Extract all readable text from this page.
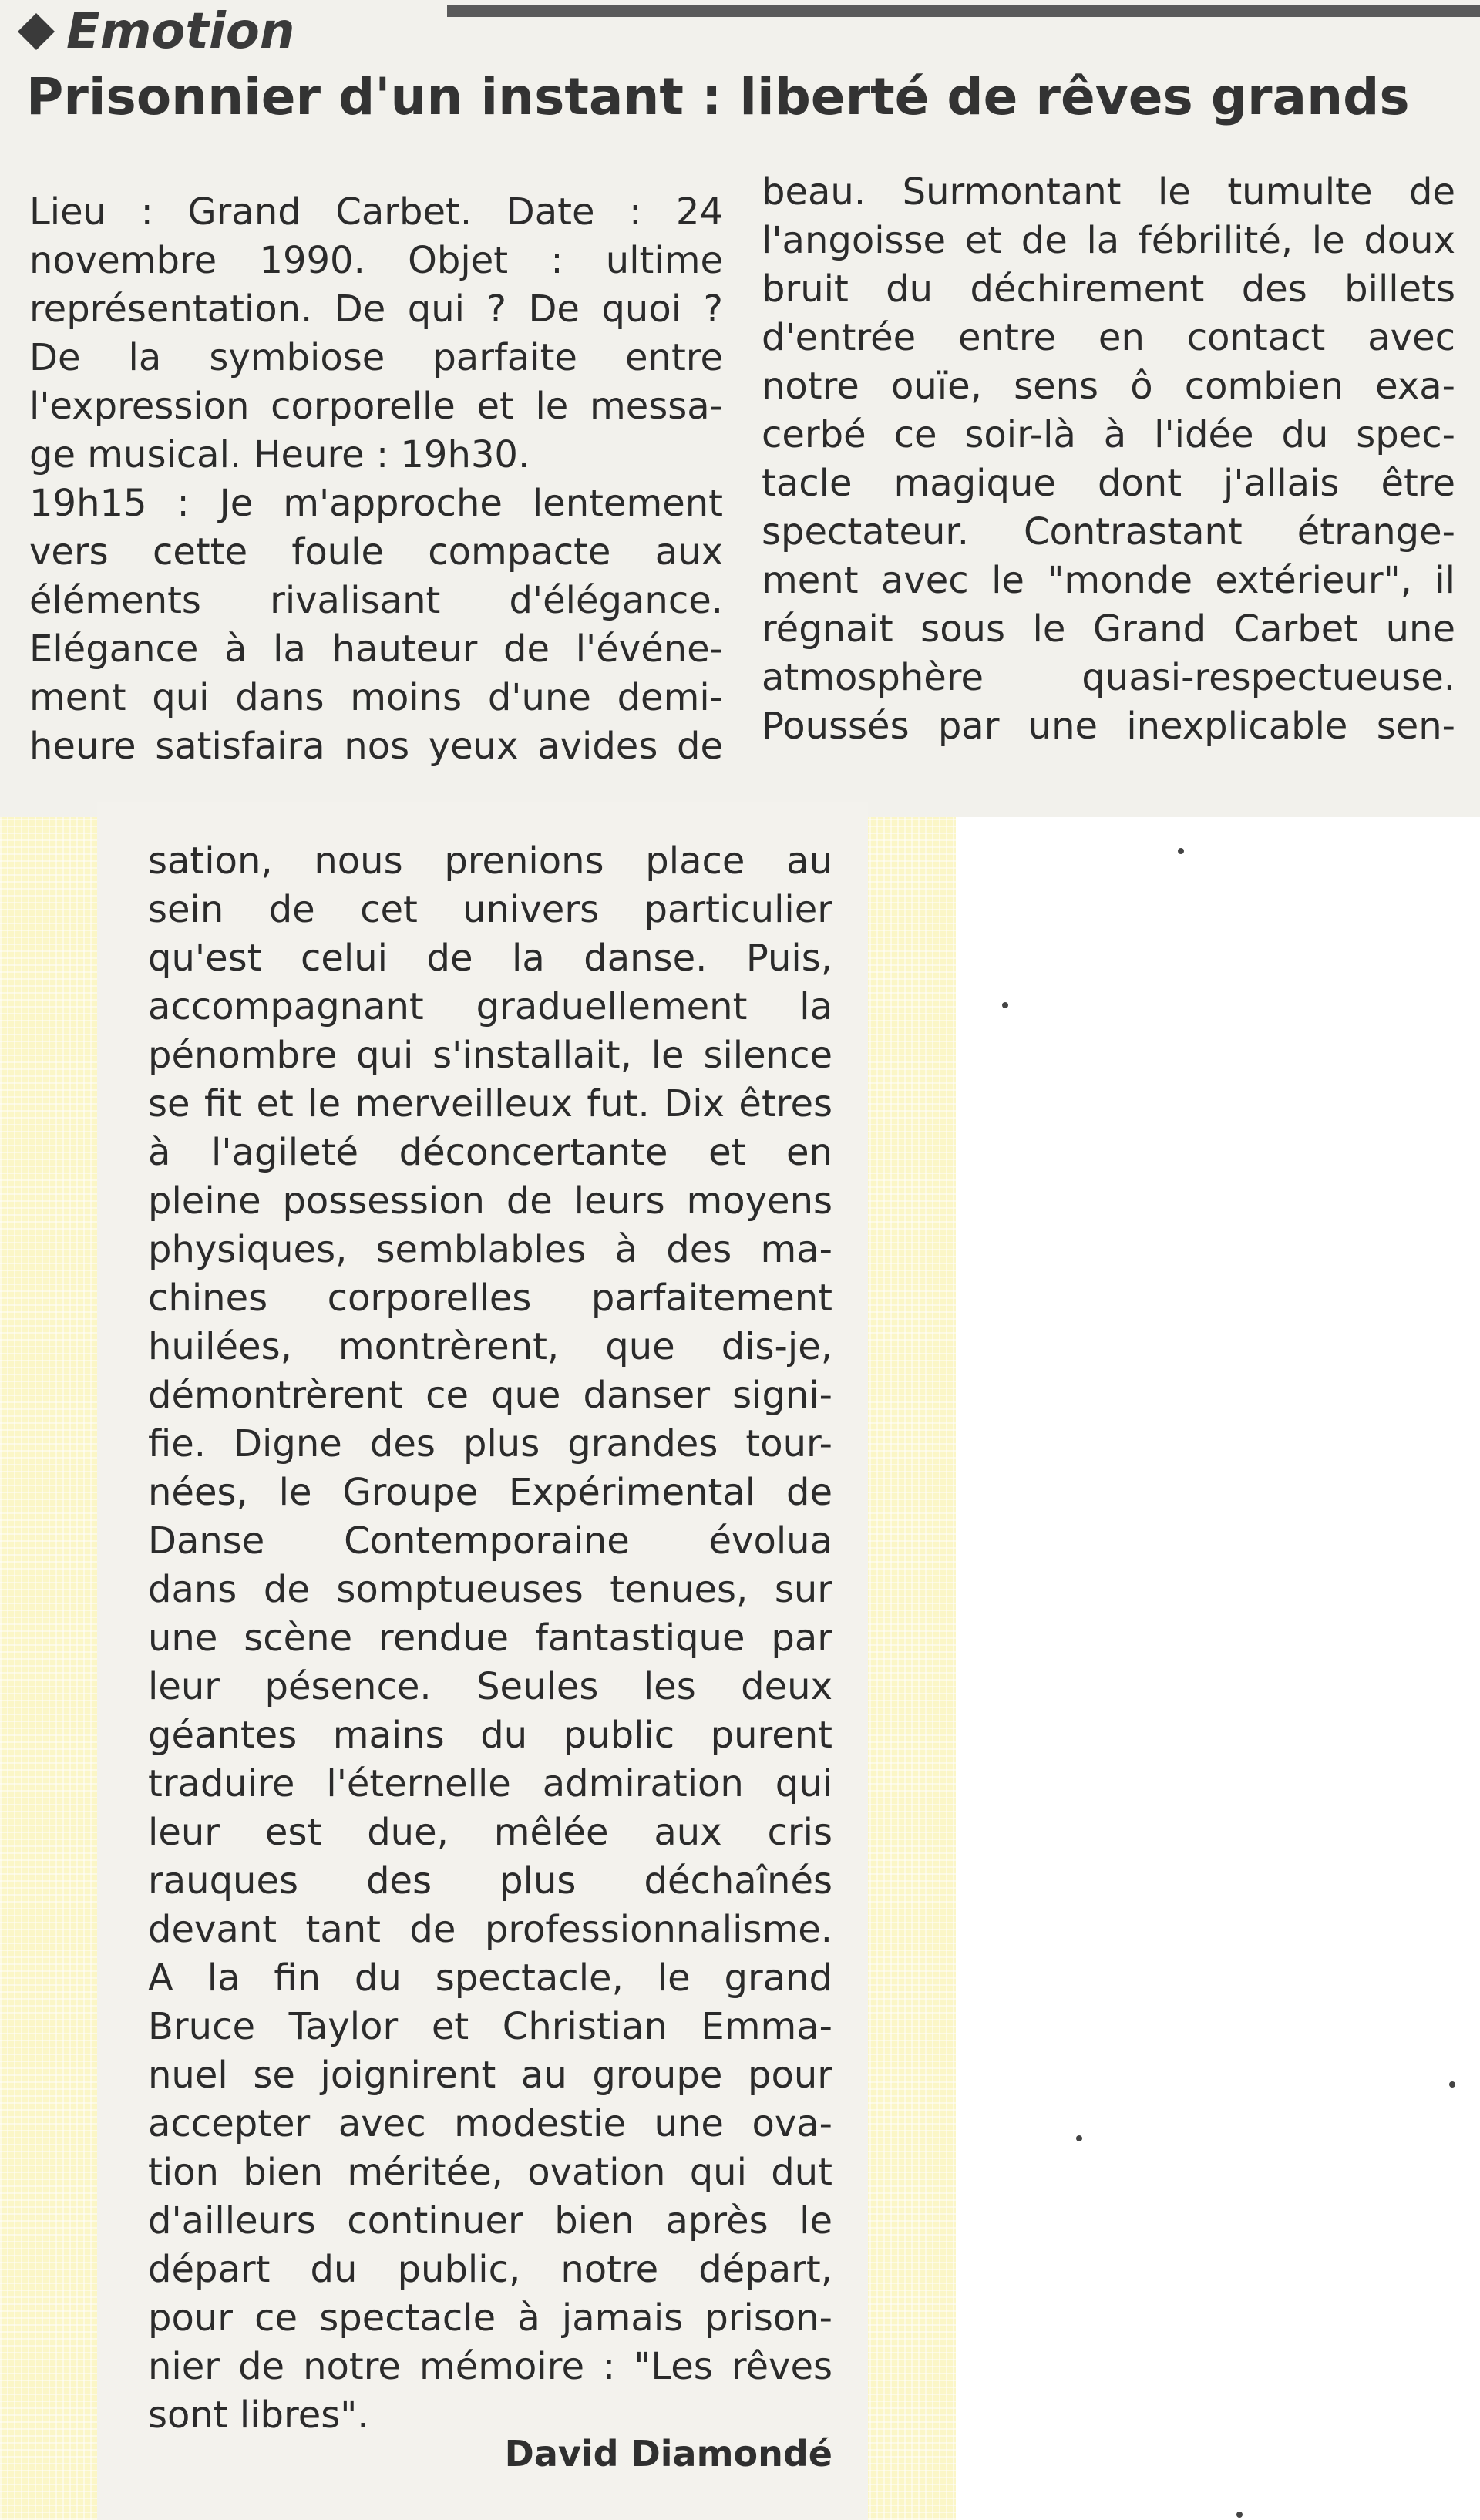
Emotion
Prisonnier d'un instant : liberté de rêves grands
Lieu : Grand Carbet. Date : 24
novembre 1990. Objet : ultime
représentation. De qui ? De quoi ?
De la symbiose parfaite entre
l'expression corporelle et le messa-
ge musical. Heure : 19h30.
19h15 : Je m'approche lentement
vers cette foule compacte aux
éléments rivalisant d'élégance.
Elégance à la hauteur de l'événe-
ment qui dans moins d'une demi-
heure satisfaira nos yeux avides de
beau. Surmontant le tumulte de
l'angoisse et de la fébrilité, le doux
bruit du déchirement des billets
d'entrée entre en contact avec
notre ouïe, sens ô combien exa-
cerbé ce soir-là à l'idée du spec-
tacle magique dont j'allais être
spectateur. Contrastant étrange-
ment avec le "monde extérieur", il
régnait sous le Grand Carbet une
atmosphère quasi-respectueuse.
Poussés par une inexplicable sen-
sation, nous prenions place au
sein de cet univers particulier
qu'est celui de la danse. Puis,
accompagnant graduellement la
pénombre qui s'installait, le silence
se fit et le merveilleux fut. Dix êtres
à l'agileté déconcertante et en
pleine possession de leurs moyens
physiques, semblables à des ma-
chines corporelles parfaitement
huilées, montrèrent, que dis-je,
démontrèrent ce que danser signi-
fie. Digne des plus grandes tour-
nées, le Groupe Expérimental de
Danse Contemporaine évolua
dans de somptueuses tenues, sur
une scène rendue fantastique par
leur pésence. Seules les deux
géantes mains du public purent
traduire l'éternelle admiration qui
leur est due, mêlée aux cris
rauques des plus déchaînés
devant tant de professionnalisme.
A la fin du spectacle, le grand
Bruce Taylor et Christian Emma-
nuel se joignirent au groupe pour
accepter avec modestie une ova-
tion bien méritée, ovation qui dut
d'ailleurs continuer bien après le
départ du public, notre départ,
pour ce spectacle à jamais prison-
nier de notre mémoire : "Les rêves
sont libres".
David Diamondé
